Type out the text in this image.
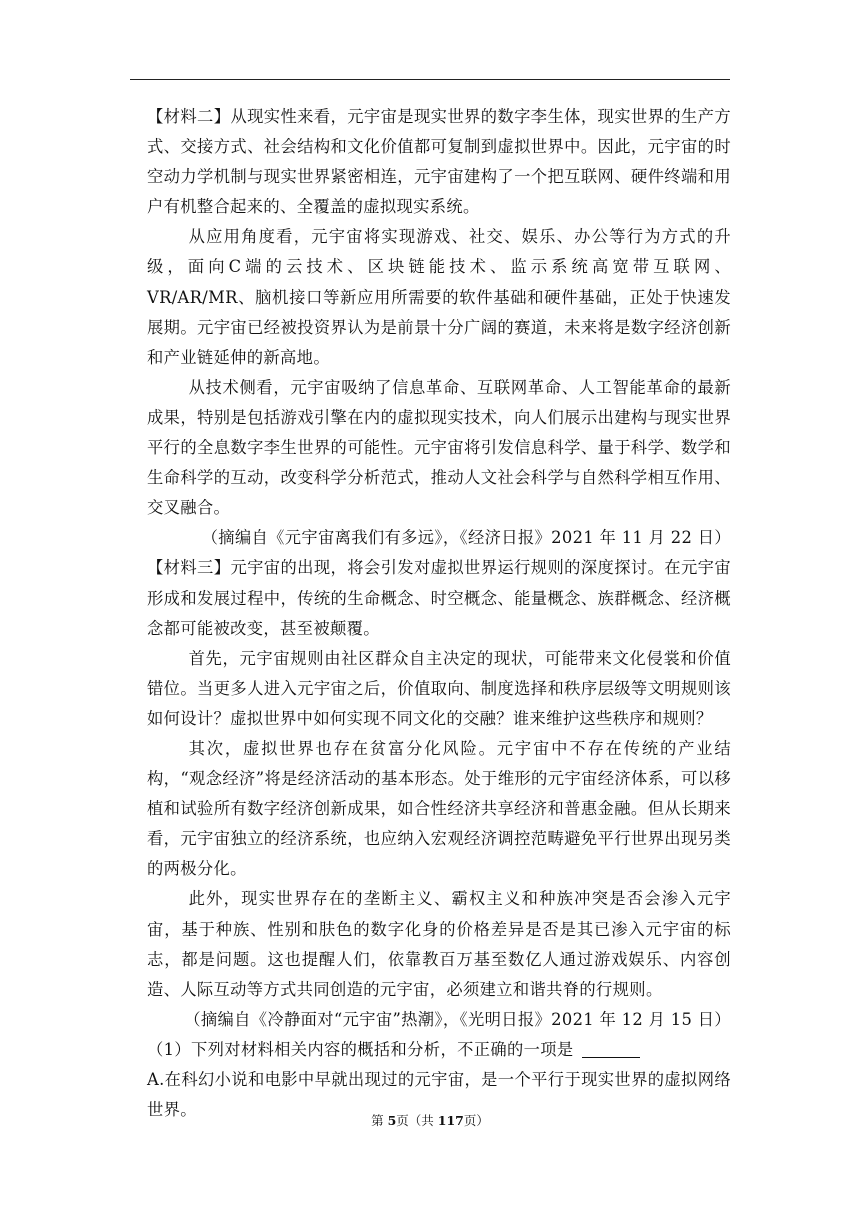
【材料二】从现实性来看，元宇宙是现实世界的数字李生体，现实世界的生产方式、交接方式、社会结构和文化价值都可复制到虚拟世界中。因此，元宇宙的时空动力学机制与现实世界紧密相连，元宇宙建构了一个把互联网、硬件终端和用户有机整合起来的、全覆盖的虚拟现实系统。

从应用角度看，元宇宙将实现游戏、社交、娱乐、办公等行为方式的升级，面向C端的云技术、区块链能技术、监示系统高宽带互联网、VR/AR/MR、脑机接口等新应用所需要的软件基础和硬件基础，正处于快速发展期。元宇宙已经被投资界认为是前景十分广阔的赛道，未来将是数字经济创新和产业链延伸的新高地。

从技术侧看，元宇宙吸纳了信息革命、互联网革命、人工智能革命的最新成果，特别是包括游戏引擎在内的虚拟现实技术，向人们展示出建构与现实世界平行的全息数字李生世界的可能性。元宇宙将引发信息科学、量于科学、数学和生命科学的互动，改变科学分析范式，推动人文社会科学与自然科学相互作用、交叉融合。

（摘编自《元宇宙离我们有多远》，《经济日报》2021 年 11 月 22 日）

【材料三】元宇宙的出现，将会引发对虚拟世界运行规则的深度探讨。在元宇宙形成和发展过程中，传统的生命概念、时空概念、能量概念、族群概念、经济概念都可能被改变，甚至被颠覆。

首先，元宇宙规则由社区群众自主决定的现状，可能带来文化侵裳和价值错位。当更多人进入元宇宙之后，价值取向、制度选择和秩序层级等文明规则该如何设计？虚拟世界中如何实现不同文化的交融？谁来维护这些秩序和规则？

其次，虚拟世界也存在贫富分化风险。元宇宙中不存在传统的产业结构，“观念经济”将是经济活动的基本形态。处于维形的元宇宙经济体系，可以移植和试验所有数字经济创新成果，如合性经济共享经济和普惠金融。但从长期来看，元宇宙独立的经济系统，也应纳入宏观经济调控范畴避免平行世界出现另类的两极分化。

此外，现实世界存在的垄断主义、霸权主义和种族冲突是否会渗入元宇宙，基于种族、性别和肤色的数字化身的价格差异是否是其已渗入元宇宙的标志，都是问题。这也提醒人们，依靠教百万基至数亿人通过游戏娱乐、内容创造、人际互动等方式共同创造的元宇宙，必须建立和谐共脊的行规则。

（摘编自《冷静面对“元宇宙”热潮》，《光明日报》2021 年 12 月 15 日）

（1）下列对材料相关内容的概括和分析，不正确的一项是

A.在科幻小说和电影中早就出现过的元宇宙，是一个平行于现实世界的虚拟网络世界。

第 5页（共 117页）
